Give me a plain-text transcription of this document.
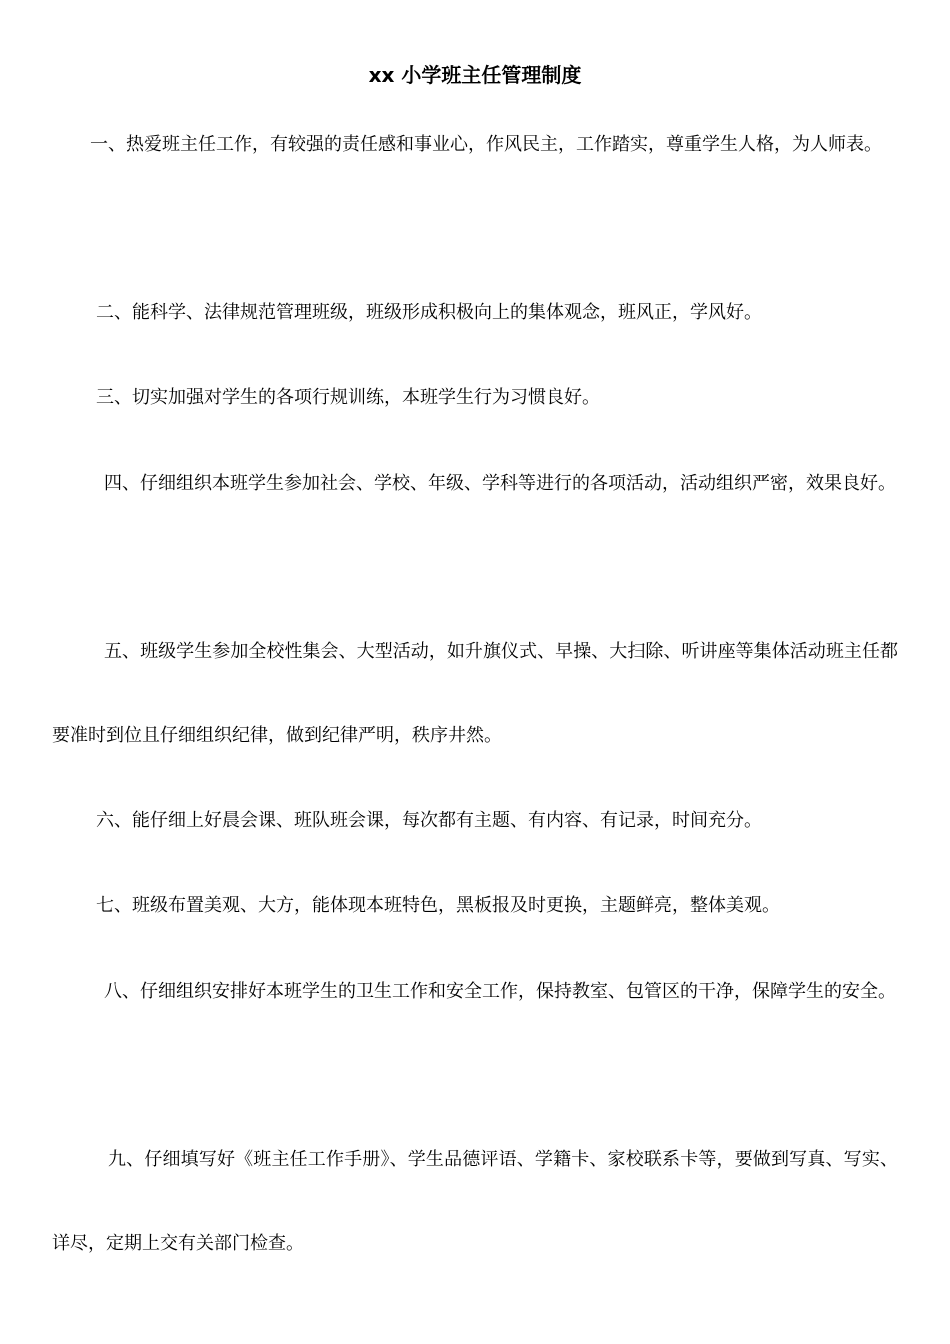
xx 小学班主任管理制度

一、热爱班主任工作，有较强的责任感和事业心，作风民主，工作踏实，尊重学生人格，为人师表。

二、能科学、法律规范管理班级，班级形成积极向上的集体观念，班风正，学风好。

三、切实加强对学生的各项行规训练，本班学生行为习惯良好。

四、仔细组织本班学生参加社会、学校、年级、学科等进行的各项活动，活动组织严密，效果良好。

五、班级学生参加全校性集会、大型活动，如升旗仪式、早操、大扫除、听讲座等集体活动班主任都要准时到位且仔细组织纪律，做到纪律严明，秩序井然。

六、能仔细上好晨会课、班队班会课，每次都有主题、有内容、有记录，时间充分。

七、班级布置美观、大方，能体现本班特色，黑板报及时更换，主题鲜亮，整体美观。

八、仔细组织安排好本班学生的卫生工作和安全工作，保持教室、包管区的干净，保障学生的安全。

九、仔细填写好《班主任工作手册》、学生品德评语、学籍卡、家校联系卡等，要做到写真、写实、详尽，定期上交有关部门检查。
